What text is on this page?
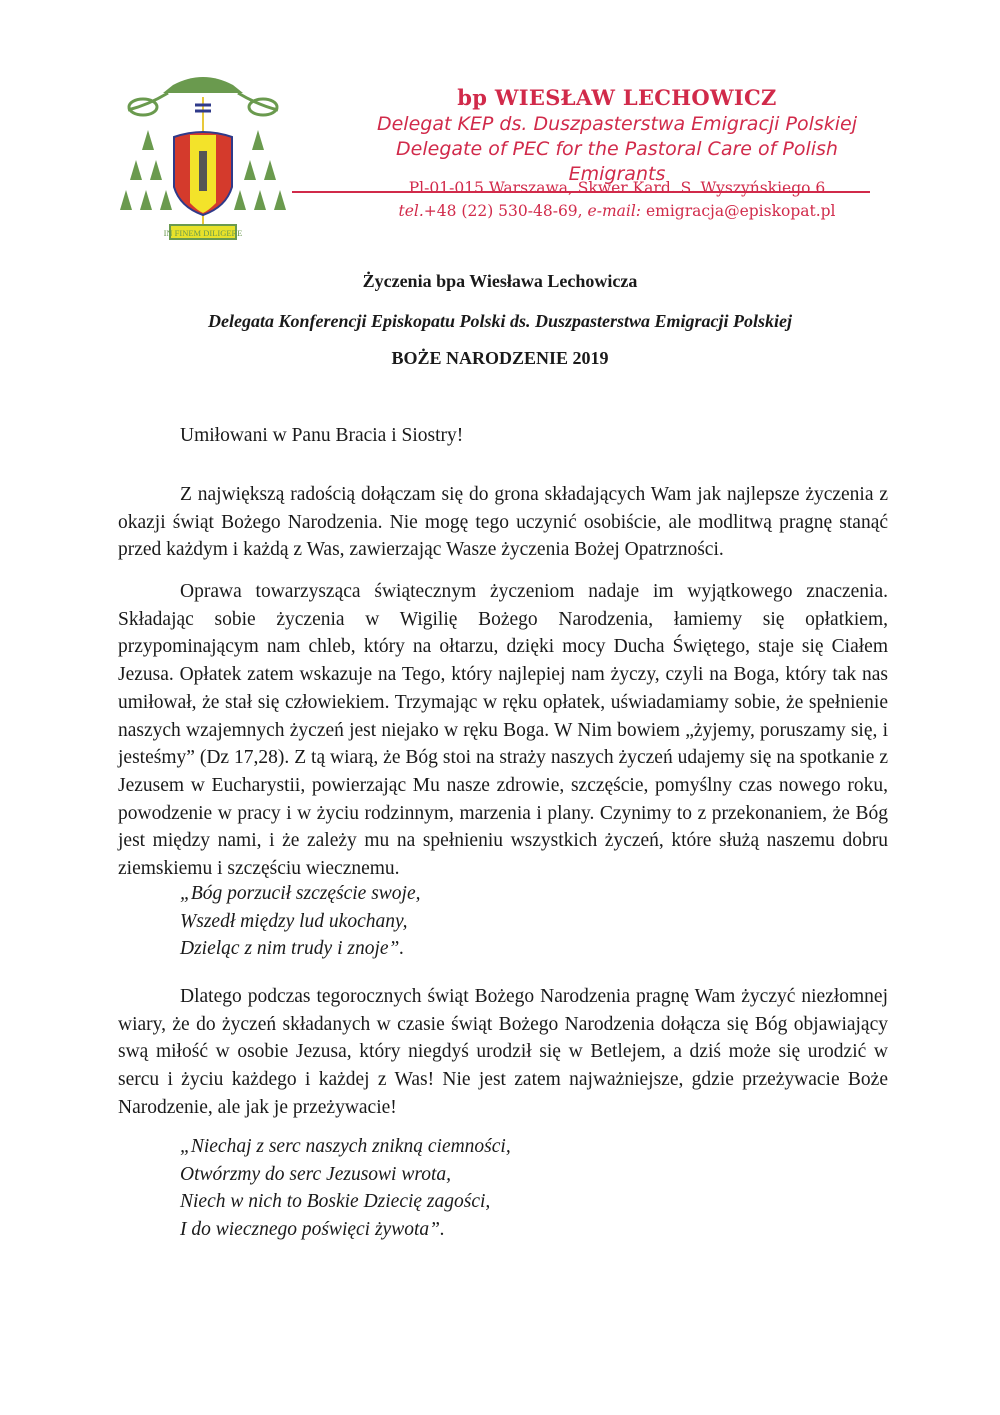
IN FINEM DILIGERE
bp WIESŁAW LECHOWICZ
Delegat KEP ds. Duszpasterstwa Emigracji Polskiej
Delegate of PEC for the Pastoral Care of Polish Emigrants
Pl-01-015 Warszawa, Skwer Kard. S. Wyszyńskiego 6
tel.+48 (22) 530-48-69, e-mail: emigracja@episkopat.pl
Życzenia bpa Wiesława Lechowicza
Delegata Konferencji Episkopatu Polski ds. Duszpasterstwa Emigracji Polskiej
BOŻE NARODZENIE 2019
Umiłowani w Panu Bracia i Siostry!

Z największą radością dołączam się do grona składających Wam jak najlepsze życzenia z okazji świąt Bożego Narodzenia. Nie mogę tego uczynić osobiście, ale modlitwą pragnę stanąć przed każdym i każdą z Was, zawierzając Wasze życzenia Bożej Opatrzności.

Oprawa towarzysząca świątecznym życzeniom nadaje im wyjątkowego znaczenia. Składając sobie życzenia w Wigilię Bożego Narodzenia, łamiemy się opłatkiem, przypominającym nam chleb, który na ołtarzu, dzięki mocy Ducha Świętego, staje się Ciałem Jezusa. Opłatek zatem wskazuje na Tego, który najlepiej nam życzy, czyli na Boga, który tak nas umiłował, że stał się człowiekiem. Trzymając w ręku opłatek, uświadamiamy sobie, że spełnienie naszych wzajemnych życzeń jest niejako w ręku Boga. W Nim bowiem „żyjemy, poruszamy się, i jesteśmy” (Dz 17,28). Z tą wiarą, że Bóg stoi na straży naszych życzeń udajemy się na spotkanie z Jezusem w Eucharystii, powierzając Mu nasze zdrowie, szczęście, pomyślny czas nowego roku, powodzenie w pracy i w życiu rodzinnym, marzenia i plany. Czynimy to z przekonaniem, że Bóg jest między nami, i że zależy mu na spełnieniu wszystkich życzeń, które służą naszemu dobru ziemskiemu i szczęściu wiecznemu.

„Bóg porzucił szczęście swoje,
Wszedł między lud ukochany,
Dzieląc z nim trudy i znoje”.

Dlatego podczas tegorocznych świąt Bożego Narodzenia pragnę Wam życzyć niezłomnej wiary, że do życzeń składanych w czasie świąt Bożego Narodzenia dołącza się Bóg objawiający swą miłość w osobie Jezusa, który niegdyś urodził się w Betlejem, a dziś może się urodzić w sercu i życiu każdego i każdej z Was! Nie jest zatem najważniejsze, gdzie przeżywacie Boże Narodzenie, ale jak je przeżywacie!

„Niechaj z serc naszych znikną ciemności,
Otwórzmy do serc Jezusowi wrota,
Niech w nich to Boskie Dziecię zagości,
I do wiecznego poświęci żywota”.
